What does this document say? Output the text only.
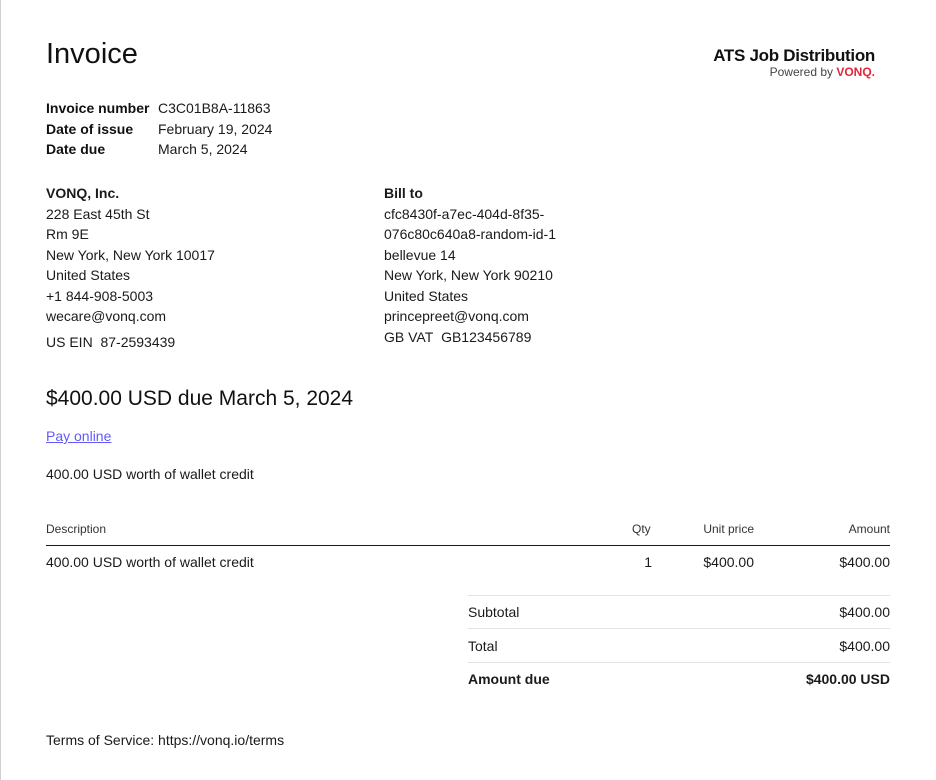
Invoice	ATS Job Distribution
Powered by VONQ.
Invoice number C3C01B8A-11863
Date of issue	February 19, 2024
Date due	March 5, 2024
VONQ, Inc.
228 East 45th St
Rm 9E
New York, New York 10017
United States
+1 844-908-5003
wecare@vonq.com
US EIN 87-2593439
Bill to
cfc8430f-a7ec-404d-8f35-
076c80c640a8-random-id-1
bellevue 14
New York, New York 90210
United States
princepreet@vonq.com
GB VAT GB123456789
$400.00 USD due March 5, 2024
Pay online
400.00 USD worth of wallet credit
Description	Qty	Unit price	Amount
400.00 USD worth of wallet credit	1	$400.00	$400.00
Subtotal	$400.00
Total	$400.00
Amount due	$400.00 USD
Terms of Service: https://vonq.io/terms
